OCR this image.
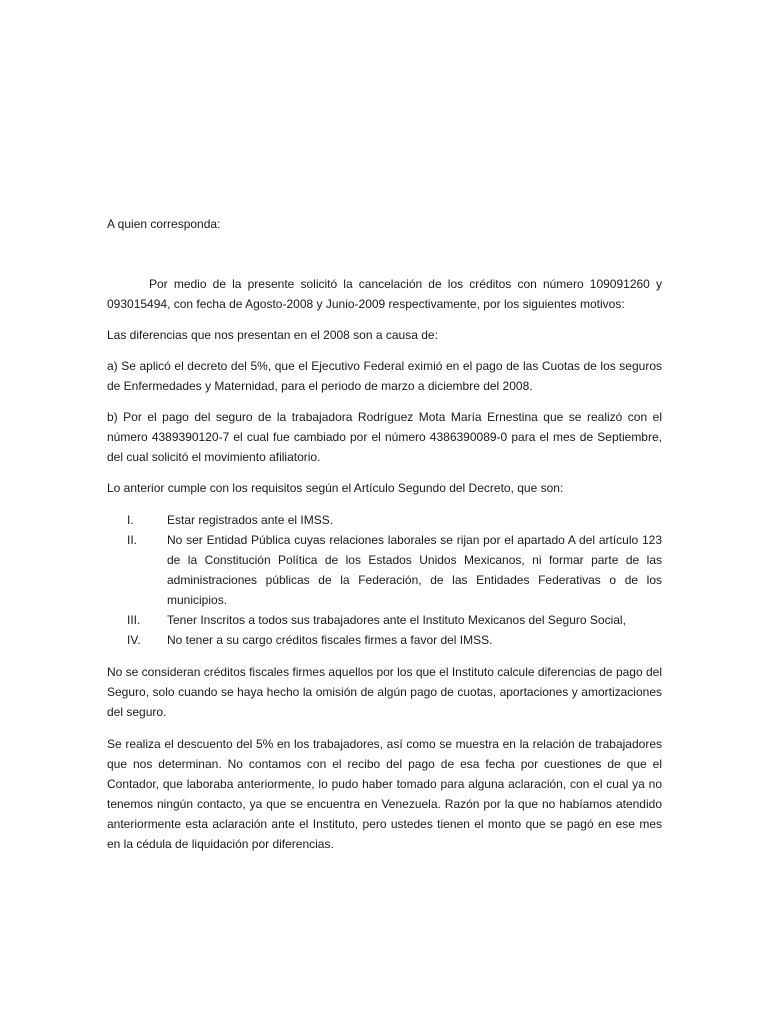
A quien corresponda:

Por medio de la presente solicitó la cancelación de los créditos con número 109091260 y 093015494, con fecha de Agosto-2008 y Junio-2009 respectivamente, por los siguientes motivos:

Las diferencias que nos presentan en el 2008 son a causa de:

a) Se aplicó el decreto del 5%, que el Ejecutivo Federal eximió en el pago de las Cuotas de los seguros de Enfermedades y Maternidad, para el periodo de marzo a diciembre del 2008.

b) Por el pago del seguro de la trabajadora Rodríguez Mota María Ernestina que se realizó con el número 4389390120-7 el cual fue cambiado por el número 4386390089-0 para el mes de Septiembre, del cual solicitó el movimiento afiliatorio.

Lo anterior cumple con los requisitos según el Artículo Segundo del Decreto, que son:

I.	Estar registrados ante el IMSS.
II.	No ser Entidad Pública cuyas relaciones laborales se rijan por el apartado A del artículo 123 de la Constitución Política de los Estados Unidos Mexicanos, ni formar parte de las administraciones públicas de la Federación, de las Entidades Federativas o de los municipios.
III.	Tener Inscritos a todos sus trabajadores ante el Instituto Mexicanos del Seguro Social,
IV.	No tener a su cargo créditos fiscales firmes a favor del IMSS.

No se consideran créditos fiscales firmes aquellos por los que el Instituto calcule diferencias de pago del Seguro, solo cuando se haya hecho la omisión de algún pago de cuotas, aportaciones y amortizaciones del seguro.

Se realiza el descuento del 5% en los trabajadores, así como se muestra en la relación de trabajadores que nos determinan. No contamos con el recibo del pago de esa fecha por cuestiones de que el Contador, que laboraba anteriormente, lo pudo haber tomado para alguna aclaración, con el cual ya no tenemos ningún contacto, ya que se encuentra en Venezuela. Razón por la que no habíamos atendido anteriormente esta aclaración ante el Instituto, pero ustedes tienen el monto que se pagó en ese mes en la cédula de liquidación por diferencias.
